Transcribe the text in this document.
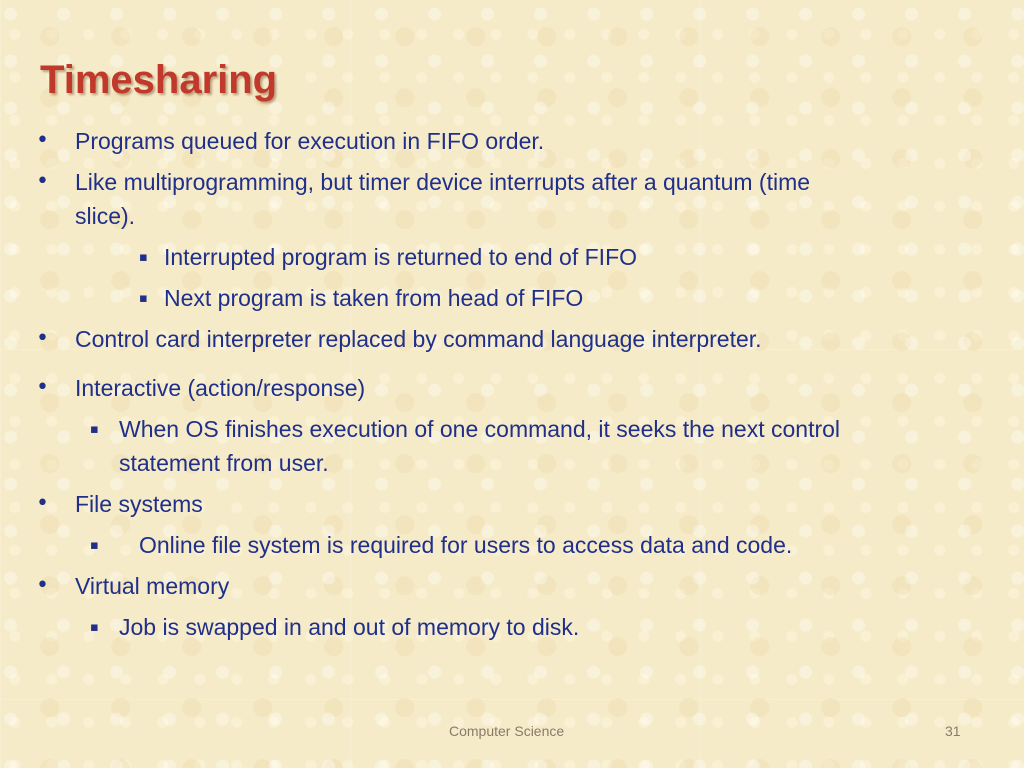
Timesharing
• Programs queued for execution in FIFO order.
• Like multiprogramming, but timer device interrupts after a quantum (time
slice).
▪ Interrupted program is returned to end of FIFO
▪ Next program is taken from head of FIFO
• Control card interpreter replaced by command language interpreter.
• Interactive (action/response)
▪ When OS finishes execution of one command, it seeks the next control
statement from user.
• File systems
▪ Online file system is required for users to access data and code.
• Virtual memory
▪ Job is swapped in and out of memory to disk.
Computer Science	31
